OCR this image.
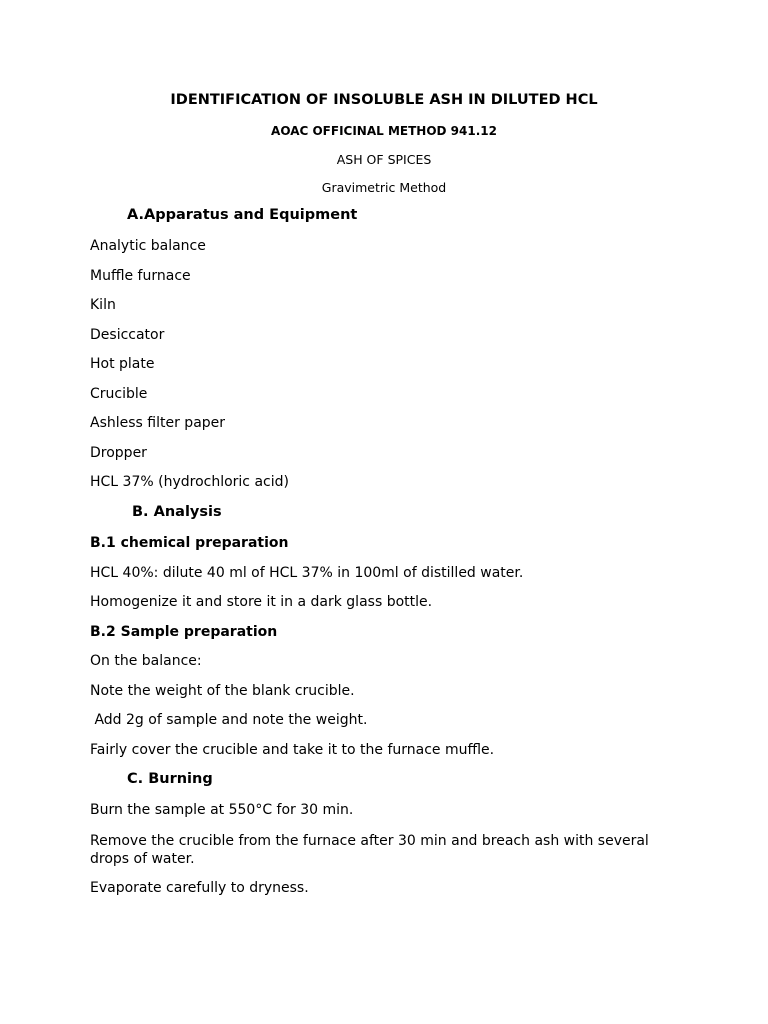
IDENTIFICATION OF INSOLUBLE ASH IN DILUTED HCL
AOAC OFFICINAL METHOD 941.12
ASH OF SPICES
Gravimetric Method
A.Apparatus and Equipment
Analytic balance
Muffle furnace
Kiln
Desiccator
Hot plate
Crucible
Ashless filter paper
Dropper
HCL 37% (hydrochloric acid)
B. Analysis
B.1 chemical preparation
HCL 40%: dilute 40 ml of HCL 37% in 100ml of distilled water.
Homogenize it and store it in a dark glass bottle.
B.2 Sample preparation
On the balance:
Note the weight of the blank crucible.
Add 2g of sample and note the weight.
Fairly cover the crucible and take it to the furnace muffle.
C. Burning
Burn the sample at 550°C for 30 min.
Remove the crucible from the furnace after 30 min and breach ash with several drops of water.
Evaporate carefully to dryness.
